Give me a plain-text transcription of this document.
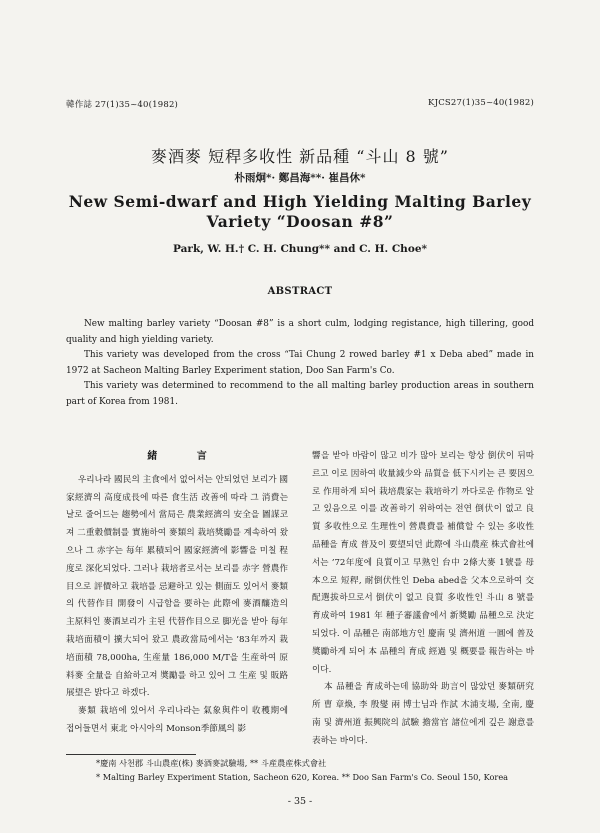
韓作誌 27(1)35~40(1982)	KJCS27(1)35~40(1982)
麥酒麥 短稈多收性 新品種 “斗山 8 號”
朴雨炯*· 鄭昌海**· 崔昌休*
New Semi-dwarf and High Yielding Malting Barley
Variety “Doosan #8”
Park, W. H.† C. H. Chung** and C. H. Choe*
ABSTRACT

New malting barley variety “Doosan #8” is a short culm, lodging registance, high tillering, good quality and high yielding variety.

This variety was developed from the cross “Tai Chung 2 rowed barley #1 x Deba abed” made in 1972 at Sacheon Malting Barley Experiment station, Doo San Farm's Co.

This variety was determined to recommend to the all malting barley production areas in southern part of Korea from 1981.

緒 言

우리나라 國民의 主食에서 없어서는 안되었던 보리가 國家經濟의 高度成長에 따른 食生活 改善에 따라 그 消費는 날로 줄어드는 趨勢에서 當局은 農業經濟의 安全을 圖謀코져 二重穀價制를 實施하여 麥類의 栽培獎勵를 계속하여 왔으나 그 赤字는 每年 累積되어 國家經濟에 影響을 미칠 程度로 深化되었다. 그러나 栽培者로서는 보리를 赤字 營農作目으로 評價하고 栽培를 忌避하고 있는 側面도 있어서 麥類의 代替作目 開發이 시급함을 要하는 此際에 麥酒釀造의 主原料인 麥酒보리가 主된 代替作目으로 脚光을 받아 每年 栽培面積이 擴大되어 왔고 農政當局에서는 ’83年까지 栽培面積 78,000ha, 生産量 186,000 M/T을 生産하여 原料麥 全量을 自給하고져 奬勵를 하고 있어 그 生産 및 販路 展望은 밝다고 하겠다.

麥類 栽培에 있어서 우리나라는 氣象與件이 收穫期에 접어들면서 東北 아시아의 Monson季節風의 影

響을 받아 바람이 많고 비가 많아 보리는 항상 倒伏이 뒤따르고 이로 因하여 收量減少와 品質을 低下시키는 큰 要因으로 作用하게 되어 栽培農家는 栽培하기 까다로운 作物로 알고 있음으로 이를 改善하기 위하여는 전연 倒伏이 없고 良質 多收性으로 生理性이 營農費를 補償할 수 있는 多收性 品種을 育成 普及이 要望되던 此際에 斗山農産 株式會社에서는 ’72年度에 良質이고 早熟인 台中 2條大麥 1號를 母本으로 短稈, 耐倒伏性인 Deba abed을 父本으로하여 交配選拔하므로서 倒伏이 없고 良質 多收性인 斗山 8 號를 育成하여 1981 年 種子審議會에서 新奬勵 品種으로 決定되었다. 이 品種은 南部地方인 慶南 및 濟州道 一圓에 普及 奬勵하게 되어 本 品種의 育成 經過 및 概要를 報告하는 바이다.

本 品種을 育成하는데 協助와 助言이 많았던 麥類研究所 曺 章煥, 李 殷燮 兩 博士님과 作試 木浦支場, 全南, 慶南 및 濟州道 振興院의 試驗 擔當官 諸位에게 깊은 謝意를 表하는 바이다.

*慶南 사천郡 斗山農産(株) 麥酒麥試驗場, ** 斗産農産株式會社
* Malting Barley Experiment Station, Sacheon 620, Korea. ** Doo San Farm's Co. Seoul 150, Korea
- 35 -
